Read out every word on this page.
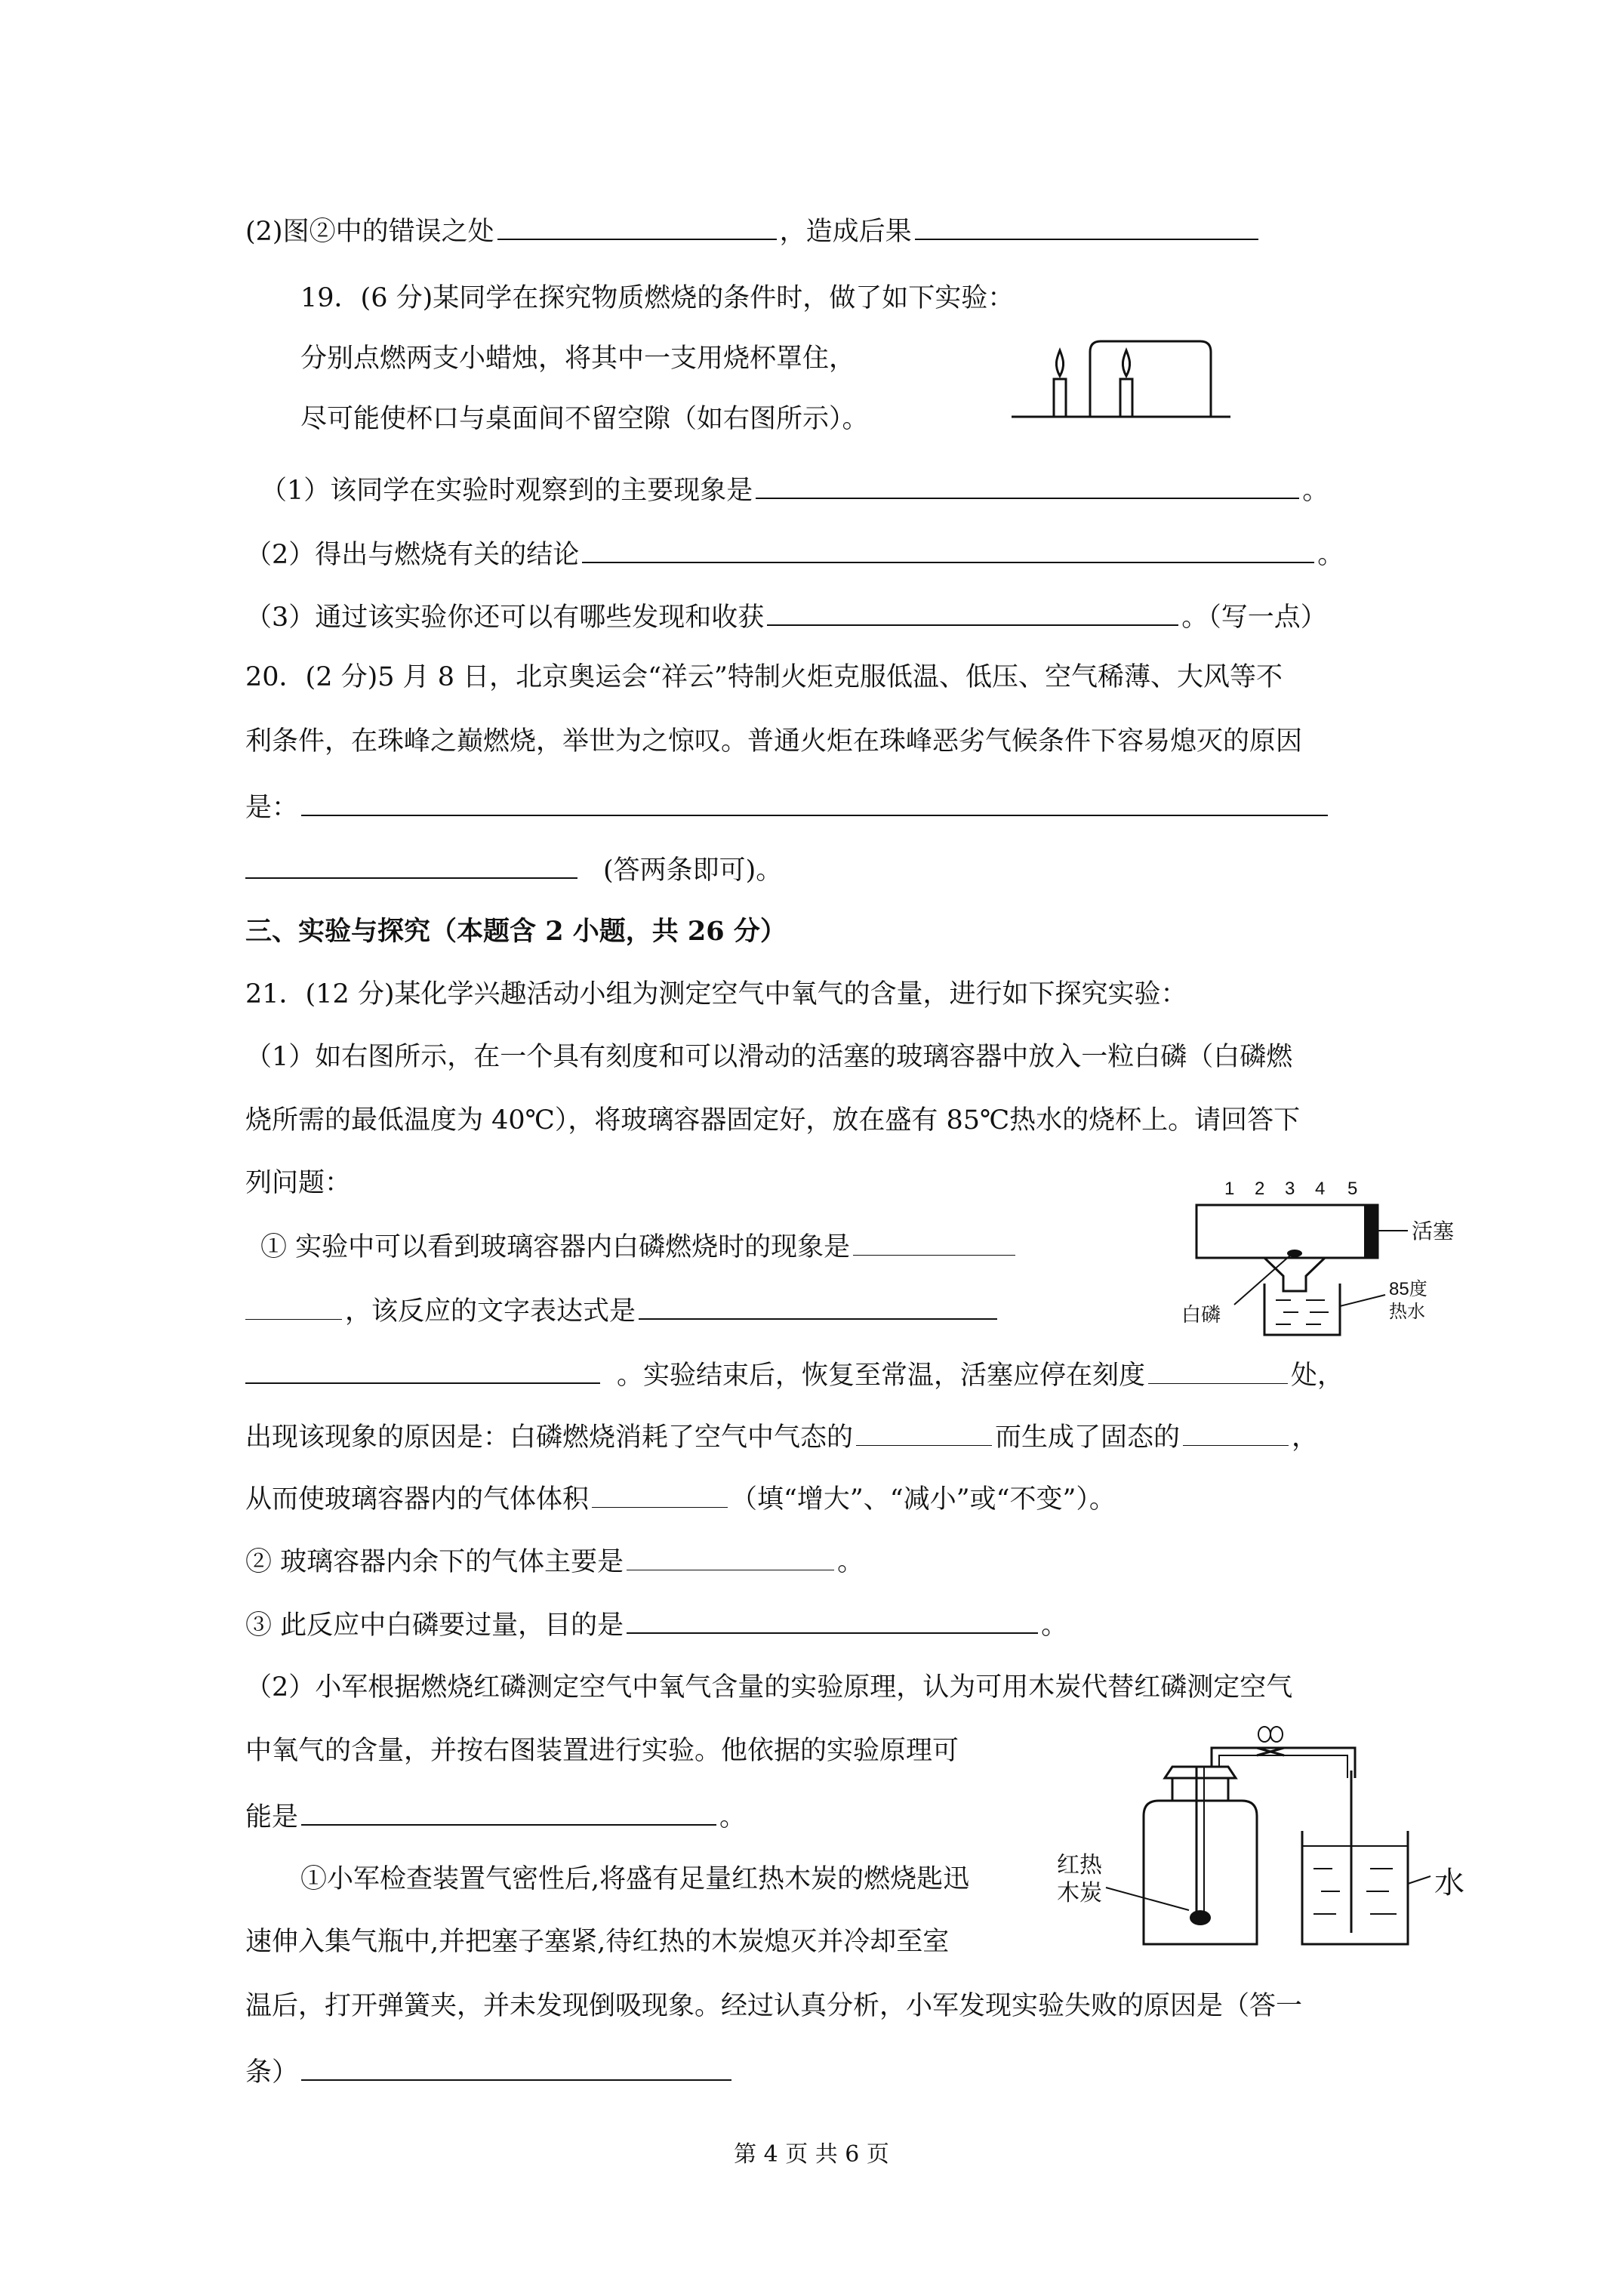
(2)图②中的错误之处	，造成后果
19．(6 分)某同学在探究物质燃烧的条件时，做了如下实验：
分别点燃两支小蜡烛，将其中一支用烧杯罩住，
尽可能使杯口与桌面间不留空隙（如右图所示）。
（1）该同学在实验时观察到的主要现象是	。
（2）得出与燃烧有关的结论	。
（3）通过该实验你还可以有哪些发现和收获	。（写一点）
20．(2 分)5 月 8 日，北京奥运会“祥云”特制火炬克服低温、低压、空气稀薄、大风等不
利条件，在珠峰之巅燃烧，举世为之惊叹。普通火炬在珠峰恶劣气候条件下容易熄灭的原因
是：
(答两条即可)。
三、实验与探究（本题含 2 小题，共 26 分）
21．(12 分)某化学兴趣活动小组为测定空气中氧气的含量，进行如下探究实验：
（1）如右图所示，在一个具有刻度和可以滑动的活塞的玻璃容器中放入一粒白磷（白磷燃
烧所需的最低温度为 40℃），将玻璃容器固定好，放在盛有 85℃热水的烧杯上。请回答下
列问题：	1 2 3 4 5
活塞
白磷
85度
热水
① 实验中可以看到玻璃容器内白磷燃烧时的现象是
，该反应的文字表达式是
。实验结束后，恢复至常温，活塞应停在刻度	处，
出现该现象的原因是：白磷燃烧消耗了空气中气态的	而生成了固态的	，
从而使玻璃容器内的气体体积	（填“增大”、“减小”或“不变”）。
② 玻璃容器内余下的气体主要是	。
③ 此反应中白磷要过量，目的是	。
（2）小军根据燃烧红磷测定空气中氧气含量的实验原理，认为可用木炭代替红磷测定空气
中氧气的含量，并按右图装置进行实验。他依据的实验原理可
能是	。
水
红热
木炭
①小军检查装置气密性后,将盛有足量红热木炭的燃烧匙迅
速伸入集气瓶中,并把塞子塞紧,待红热的木炭熄灭并冷却至室
温后，打开弹簧夹，并未发现倒吸现象。经过认真分析，小军发现实验失败的原因是（答一
条）
第 4 页 共 6 页
